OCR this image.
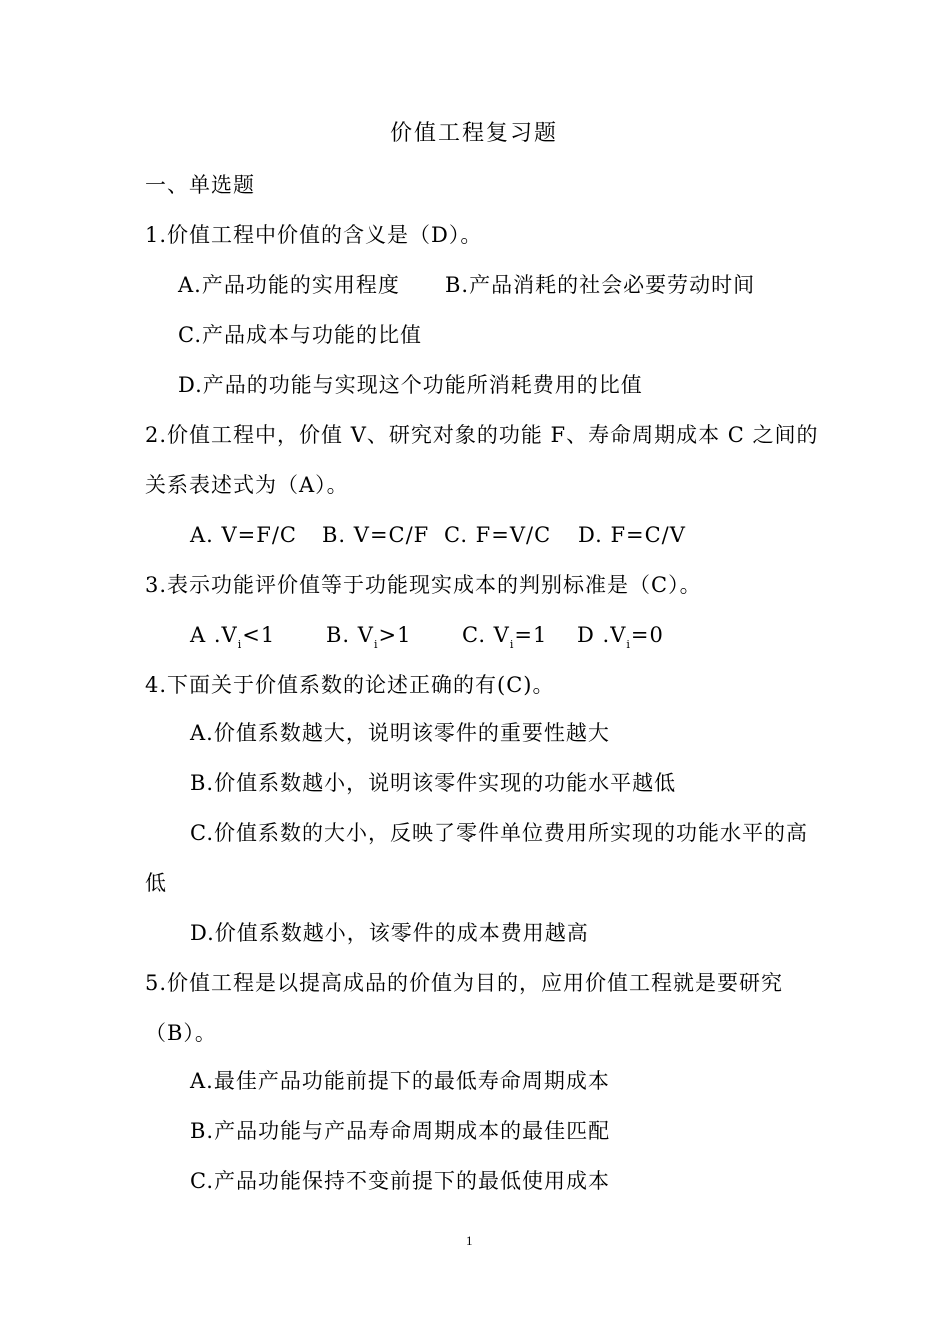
价值工程复习题
一、单选题
1.价值工程中价值的含义是（D）。
A.产品功能的实用程度 B.产品消耗的社会必要劳动时间
C.产品成本与功能的比值
D.产品的功能与实现这个功能所消耗费用的比值
2.价值工程中，价值 V、研究对象的功能 F、寿命周期成本 C 之间的
关系表述式为（A）。
A. V=F/C B. V=C/F C. F=V/C D. F=C/V
3.表示功能评价值等于功能现实成本的判别标准是（C）。
A $.V_i<1$ B. $V_i>1$ C. $V_i=1$ D $.V_i=0$
4.下面关于价值系数的论述正确的有(C)。
A.价值系数越大，说明该零件的重要性越大
B.价值系数越小，说明该零件实现的功能水平越低
C.价值系数的大小，反映了零件单位费用所实现的功能水平的高
低
D.价值系数越小，该零件的成本费用越高
5.价值工程是以提高成品的价值为目的，应用价值工程就是要研究
（B）。
A.最佳产品功能前提下的最低寿命周期成本
B.产品功能与产品寿命周期成本的最佳匹配
C.产品功能保持不变前提下的最低使用成本
1
